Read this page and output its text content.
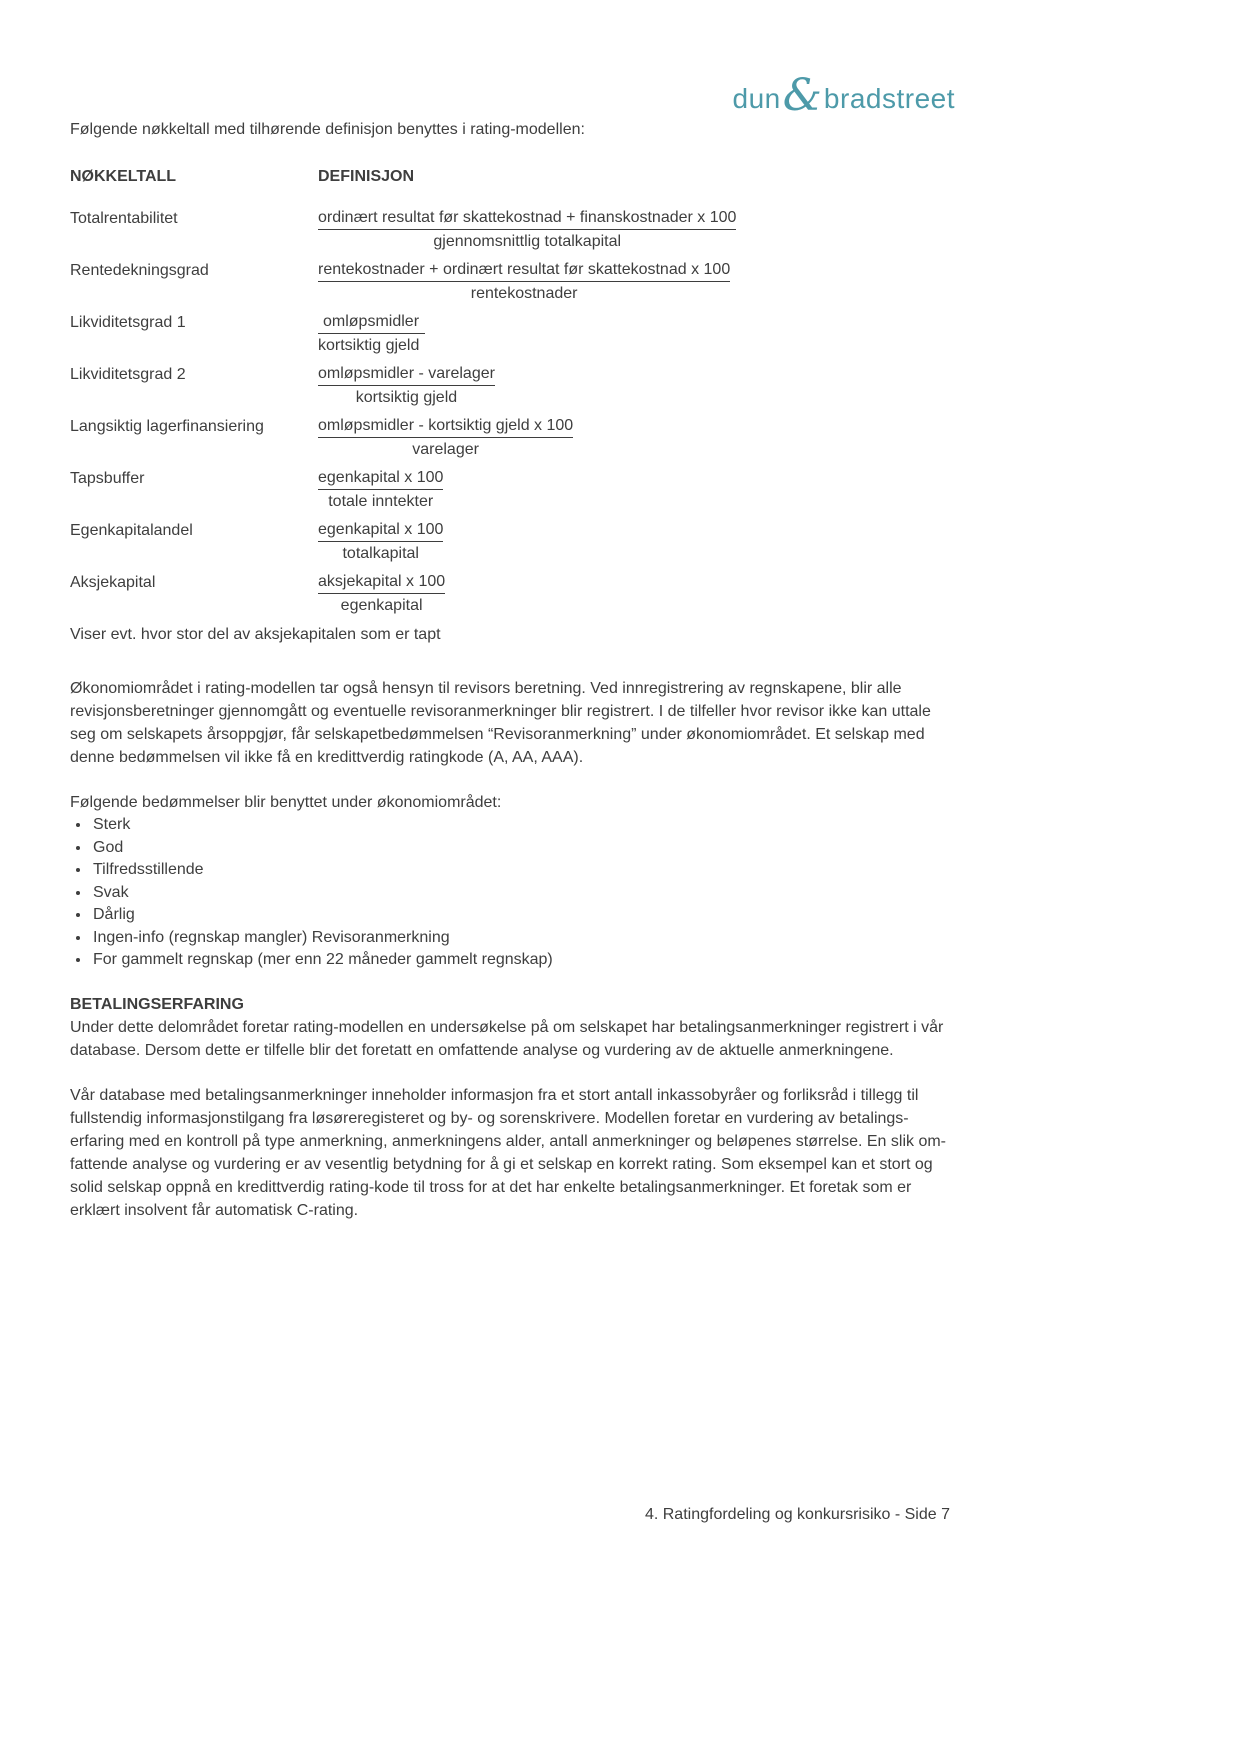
dun & bradstreet

Følgende nøkkeltall med tilhørende definisjon benyttes i rating-modellen:

NØKKELTALL	DEFINISJON
Totalrentabilitet	$\frac{\text{ordinært resultat før skattekostnad + finanskostnader x 100}}{\text{gjennomsnittlig totalkapital}}$
Rentedekningsgrad	$\frac{\text{rentekostnader + ordinært resultat før skattekostnad x 100}}{\text{rentekostnader}}$
Likviditetsgrad 1	$\frac{\text{omløpsmidler}}{\text{kortsiktig gjeld}}$
Likviditetsgrad 2	$\frac{\text{omløpsmidler - varelager}}{\text{kortsiktig gjeld}}$
Langsiktig lagerfinansiering	$\frac{\text{omløpsmidler - kortsiktig gjeld x 100}}{\text{varelager}}$
Tapsbuffer	$\frac{\text{egenkapital x 100}}{\text{totale inntekter}}$
Egenkapitalandel	$\frac{\text{egenkapital x 100}}{\text{totalkapital}}$
Aksjekapital	$\frac{\text{aksjekapital x 100}}{\text{egenkapital}}$

Viser evt. hvor stor del av aksjekapitalen som er tapt

Økonomiområdet i rating-modellen tar også hensyn til revisors beretning. Ved innregistrering av regnskapene, blir alle revisjonsberetninger gjennomgått og eventuelle revisoranmerkninger blir registrert. I de tilfeller hvor revisor ikke kan uttale seg om selskapets årsoppgjør, får selskapetbedømmelsen “Revisoranmerkning” under økonomiområdet. Et selskap med denne bedømmelsen vil ikke få en kredittverdig ratingkode (A, AA, AAA).

Følgende bedømmelser blir benyttet under økonomiområdet:

• Sterk
• God
• Tilfredsstillende
• Svak
• Dårlig
• Ingen-info (regnskap mangler) Revisoranmerkning
• For gammelt regnskap (mer enn 22 måneder gammelt regnskap)
BETALINGSERFARING

Under dette delområdet foretar rating-modellen en undersøkelse på om selskapet har betalingsanmerkninger registrert i vår database. Dersom dette er tilfelle blir det foretatt en omfattende analyse og vurdering av de aktuelle anmerkningene.

Vår database med betalingsanmerkninger inneholder informasjon fra et stort antall inkassobyråer og forliksråd i tillegg til fullstendig informasjonstilgang fra løsøreregisteret og by- og sorenskrivere. Modellen foretar en vurdering av betalings- erfaring med en kontroll på type anmerkning, anmerkningens alder, antall anmerkninger og beløpenes størrelse. En slik om- fattende analyse og vurdering er av vesentlig betydning for å gi et selskap en korrekt rating. Som eksempel kan et stort og solid selskap oppnå en kredittverdig rating-kode til tross for at det har enkelte betalingsanmerkninger. Et foretak som er erklært insolvent får automatisk C-rating.

4. Ratingfordeling og konkursrisiko - Side 7
